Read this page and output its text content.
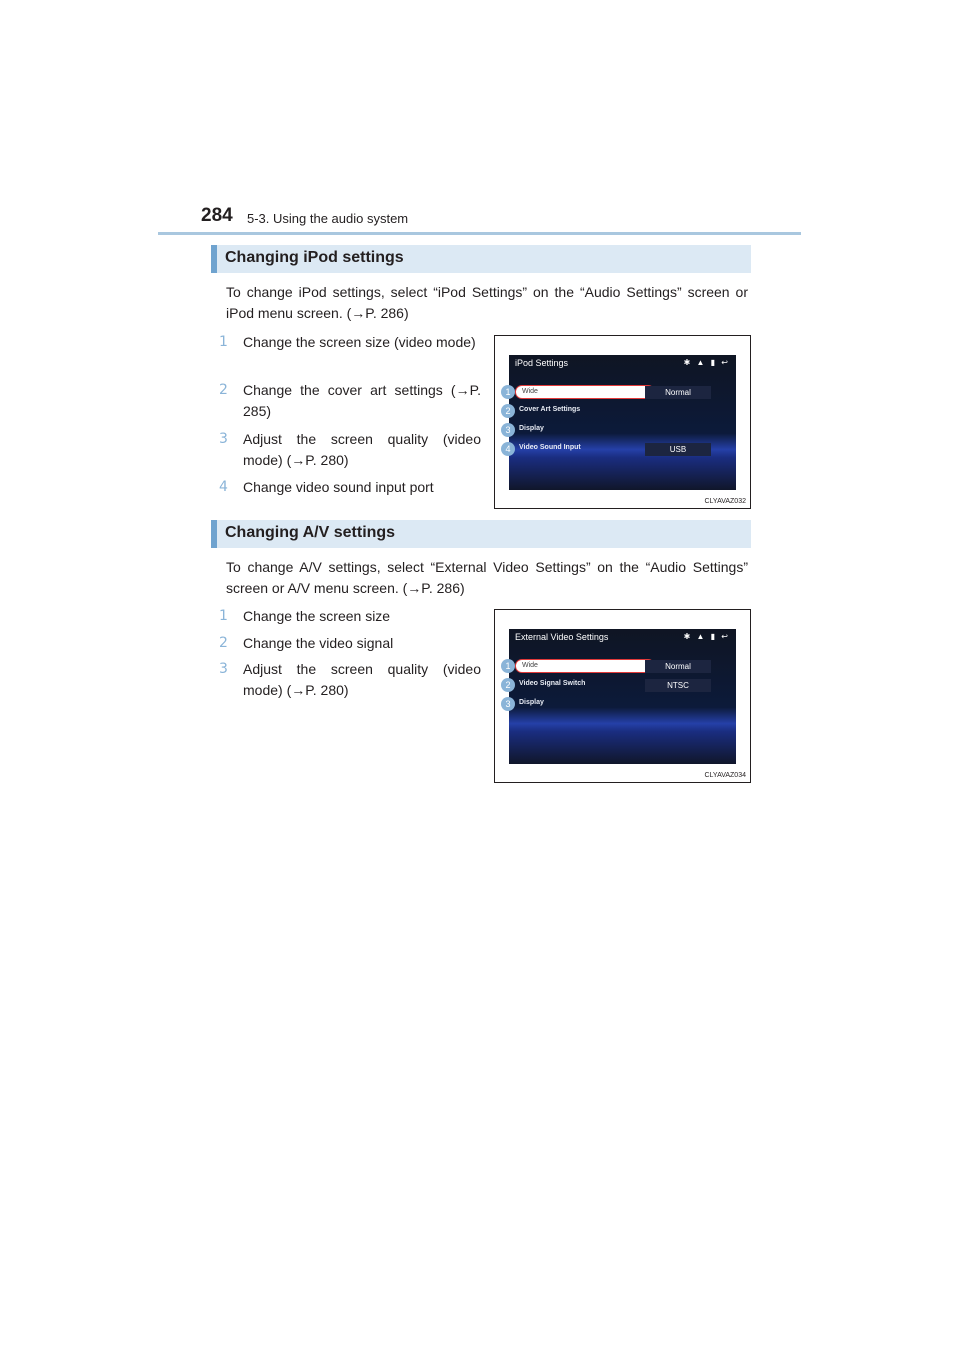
284 5-3. Using the audio system
Changing iPod settings
To change iPod settings, select “iPod Settings” on the “Audio Settings” screen or iPod menu screen. (→P. 286)
1	Change the screen size (video mode)
2	Change the cover art settings (→P. 285)
3	Adjust the screen quality (video mode) (→P. 280)
4	Change video sound input port
iPod Settings	✱ ▲ ▮ ↩
Wide	Normal
Cover Art Settings
Display
Video Sound Input	USB
1
2
3
4
CLYAVAZ032
Changing A/V settings
To change A/V settings, select “External Video Settings” on the “Audio Settings” screen or A/V menu screen. (→P. 286)
1	Change the screen size
2	Change the video signal
3	Adjust the screen quality (video mode) (→P. 280)
External Video Settings	✱ ▲ ▮ ↩
Wide	Normal
Video Signal Switch	NTSC
Display
1
2
3
CLYAVAZ034
